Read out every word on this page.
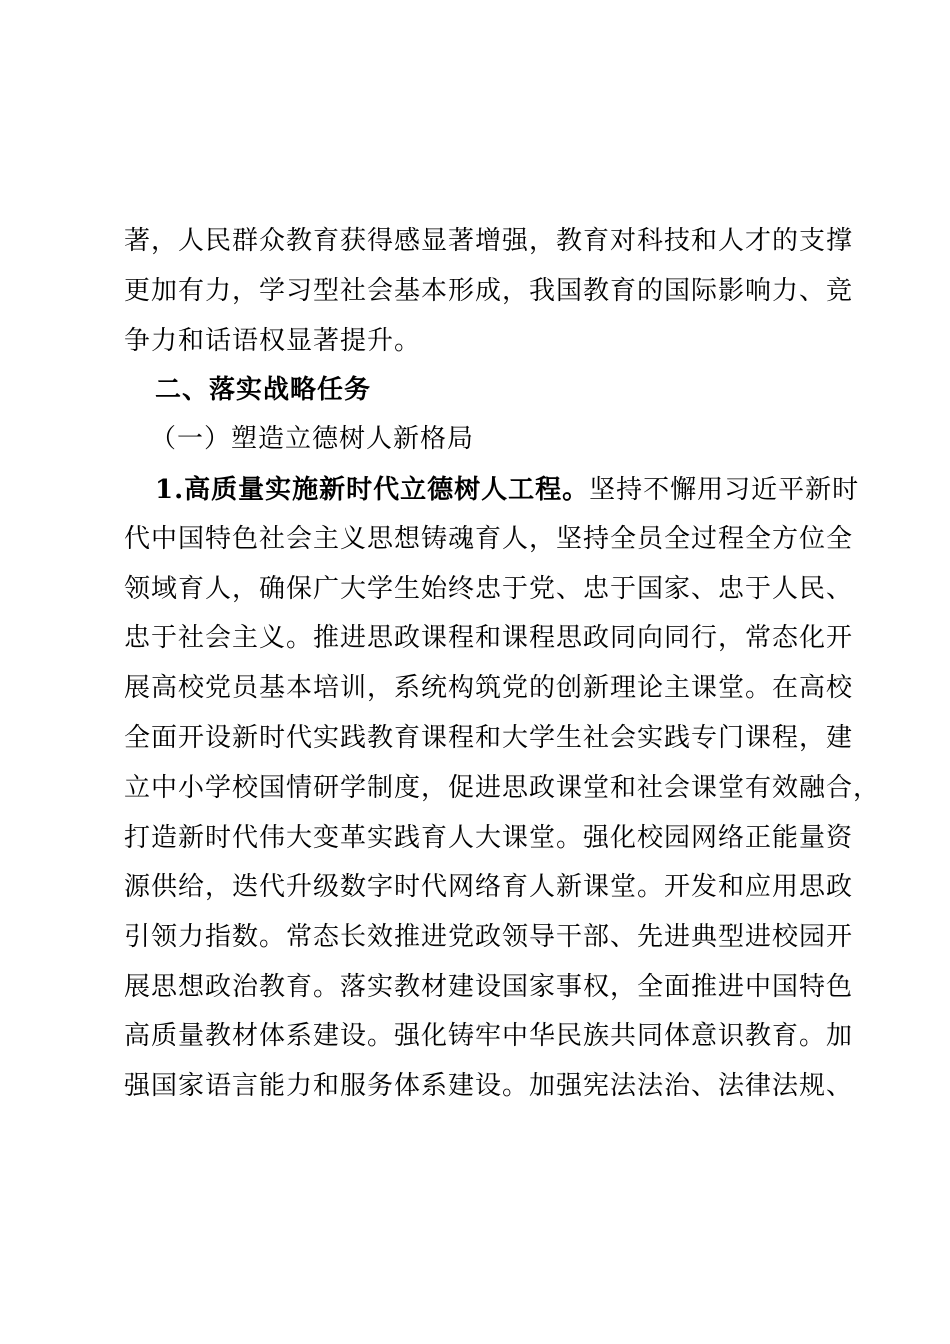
著，人民群众教育获得感显著增强，教育对科技和人才的支撑
更加有力，学习型社会基本形成，我国教育的国际影响力、竞
争力和话语权显著提升。
二、落实战略任务
（一）塑造立德树人新格局
1.高质量实施新时代立德树人工程。坚持不懈用习近平新时
代中国特色社会主义思想铸魂育人，坚持全员全过程全方位全
领域育人，确保广大学生始终忠于党、忠于国家、忠于人民、
忠于社会主义。推进思政课程和课程思政同向同行，常态化开
展高校党员基本培训，系统构筑党的创新理论主课堂。在高校
全面开设新时代实践教育课程和大学生社会实践专门课程，建
立中小学校国情研学制度，促进思政课堂和社会课堂有效融合，
打造新时代伟大变革实践育人大课堂。强化校园网络正能量资
源供给，迭代升级数字时代网络育人新课堂。开发和应用思政
引领力指数。常态长效推进党政领导干部、先进典型进校园开
展思想政治教育。落实教材建设国家事权，全面推进中国特色
高质量教材体系建设。强化铸牢中华民族共同体意识教育。加
强国家语言能力和服务体系建设。加强宪法法治、法律法规、
